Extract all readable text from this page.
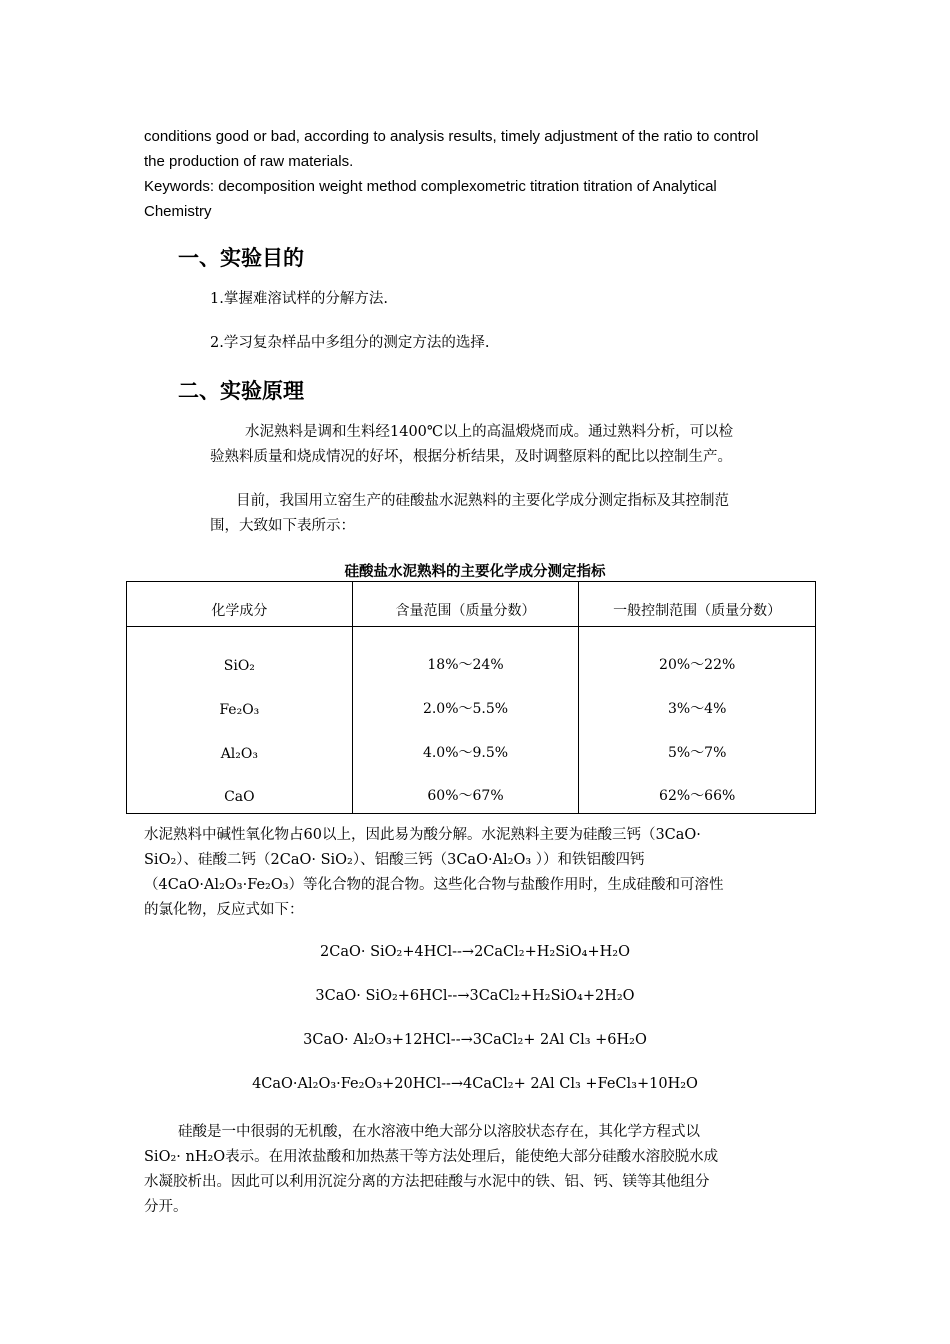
conditions good or bad, according to analysis results, timely adjustment of the ratio to control
the production of raw materials.
Keywords: decomposition weight method complexometric titration titration of Analytical
Chemistry
一、实验目的
1.掌握难溶试样的分解方法.
2.学习复杂样品中多组分的测定方法的选择.
二、实验原理
水泥熟料是调和生料经1400℃以上的高温煅烧而成。通过熟料分析，可以检
验熟料质量和烧成情况的好坏，根据分析结果，及时调整原料的配比以控制生产。
目前，我国用立窑生产的硅酸盐水泥熟料的主要化学成分测定指标及其控制范
围，大致如下表所示：
硅酸盐水泥熟料的主要化学成分测定指标
化学成分	含量范围（质量分数）	一般控制范围（质量分数）
SiO₂	18%～24%	20%～22%
Fe₂O₃	2.0%～5.5%	3%～4%
Al₂O₃	4.0%～9.5%	5%～7%
CaO	60%～67%	62%～66%
水泥熟料中碱性氧化物占60以上，因此易为酸分解。水泥熟料主要为硅酸三钙（3CaO·
SiO₂）、硅酸二钙（2CaO· SiO₂）、铝酸三钙（3CaO·Al₂O₃ ））和铁铝酸四钙
（4CaO·Al₂O₃·Fe₂O₃）等化合物的混合物。这些化合物与盐酸作用时，生成硅酸和可溶性
的氯化物，反应式如下：
2CaO· SiO₂+4HCl--→2CaCl₂+H₂SiO₄+H₂O
3CaO· SiO₂+6HCl--→3CaCl₂+H₂SiO₄+2H₂O
3CaO· Al₂O₃+12HCl--→3CaCl₂+ 2Al Cl₃ +6H₂O
4CaO·Al₂O₃·Fe₂O₃+20HCl--→4CaCl₂+ 2Al Cl₃ +FeCl₃+10H₂O
硅酸是一中很弱的无机酸，在水溶液中绝大部分以溶胶状态存在，其化学方程式以
SiO₂· nH₂O表示。在用浓盐酸和加热蒸干等方法处理后，能使绝大部分硅酸水溶胶脱水成
水凝胶析出。因此可以利用沉淀分离的方法把硅酸与水泥中的铁、铝、钙、镁等其他组分
分开。
